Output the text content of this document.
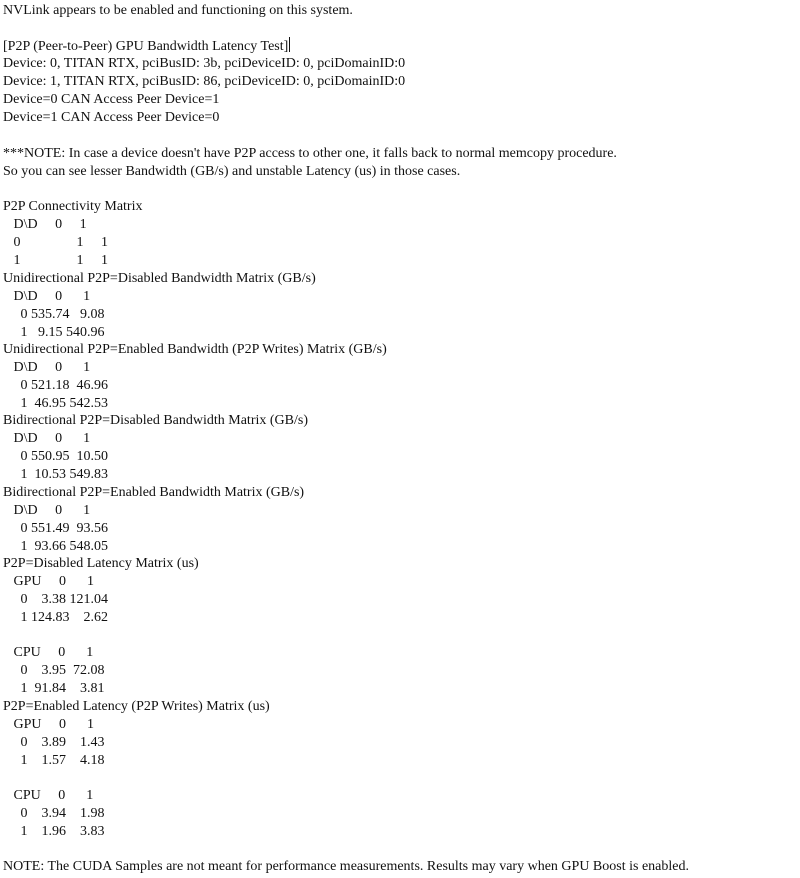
NVLink appears to be enabled and functioning on this system.
[P2P (Peer-to-Peer) GPU Bandwidth Latency Test]
Device: 0, TITAN RTX, pciBusID: 3b, pciDeviceID: 0, pciDomainID:0
Device: 1, TITAN RTX, pciBusID: 86, pciDeviceID: 0, pciDomainID:0
Device=0 CAN Access Peer Device=1
Device=1 CAN Access Peer Device=0
***NOTE: In case a device doesn't have P2P access to other one, it falls back to normal memcopy procedure.
So you can see lesser Bandwidth (GB/s) and unstable Latency (us) in those cases.
P2P Connectivity Matrix
D\D     0     1
0                1     1
1                1     1
Unidirectional P2P=Disabled Bandwidth Matrix (GB/s)
D\D     0      1
0 535.74   9.08
1   9.15 540.96
Unidirectional P2P=Enabled Bandwidth (P2P Writes) Matrix (GB/s)
D\D     0      1
0 521.18  46.96
1  46.95 542.53
Bidirectional P2P=Disabled Bandwidth Matrix (GB/s)
D\D     0      1
0 550.95  10.50
1  10.53 549.83
Bidirectional P2P=Enabled Bandwidth Matrix (GB/s)
D\D     0      1
0 551.49  93.56
1  93.66 548.05
P2P=Disabled Latency Matrix (us)
GPU     0      1
0    3.38 121.04
1 124.83    2.62
CPU     0      1
0    3.95  72.08
1  91.84    3.81
P2P=Enabled Latency (P2P Writes) Matrix (us)
GPU     0      1
0    3.89    1.43
1    1.57    4.18
CPU     0      1
0    3.94    1.98
1    1.96    3.83
NOTE: The CUDA Samples are not meant for performance measurements. Results may vary when GPU Boost is enabled.
